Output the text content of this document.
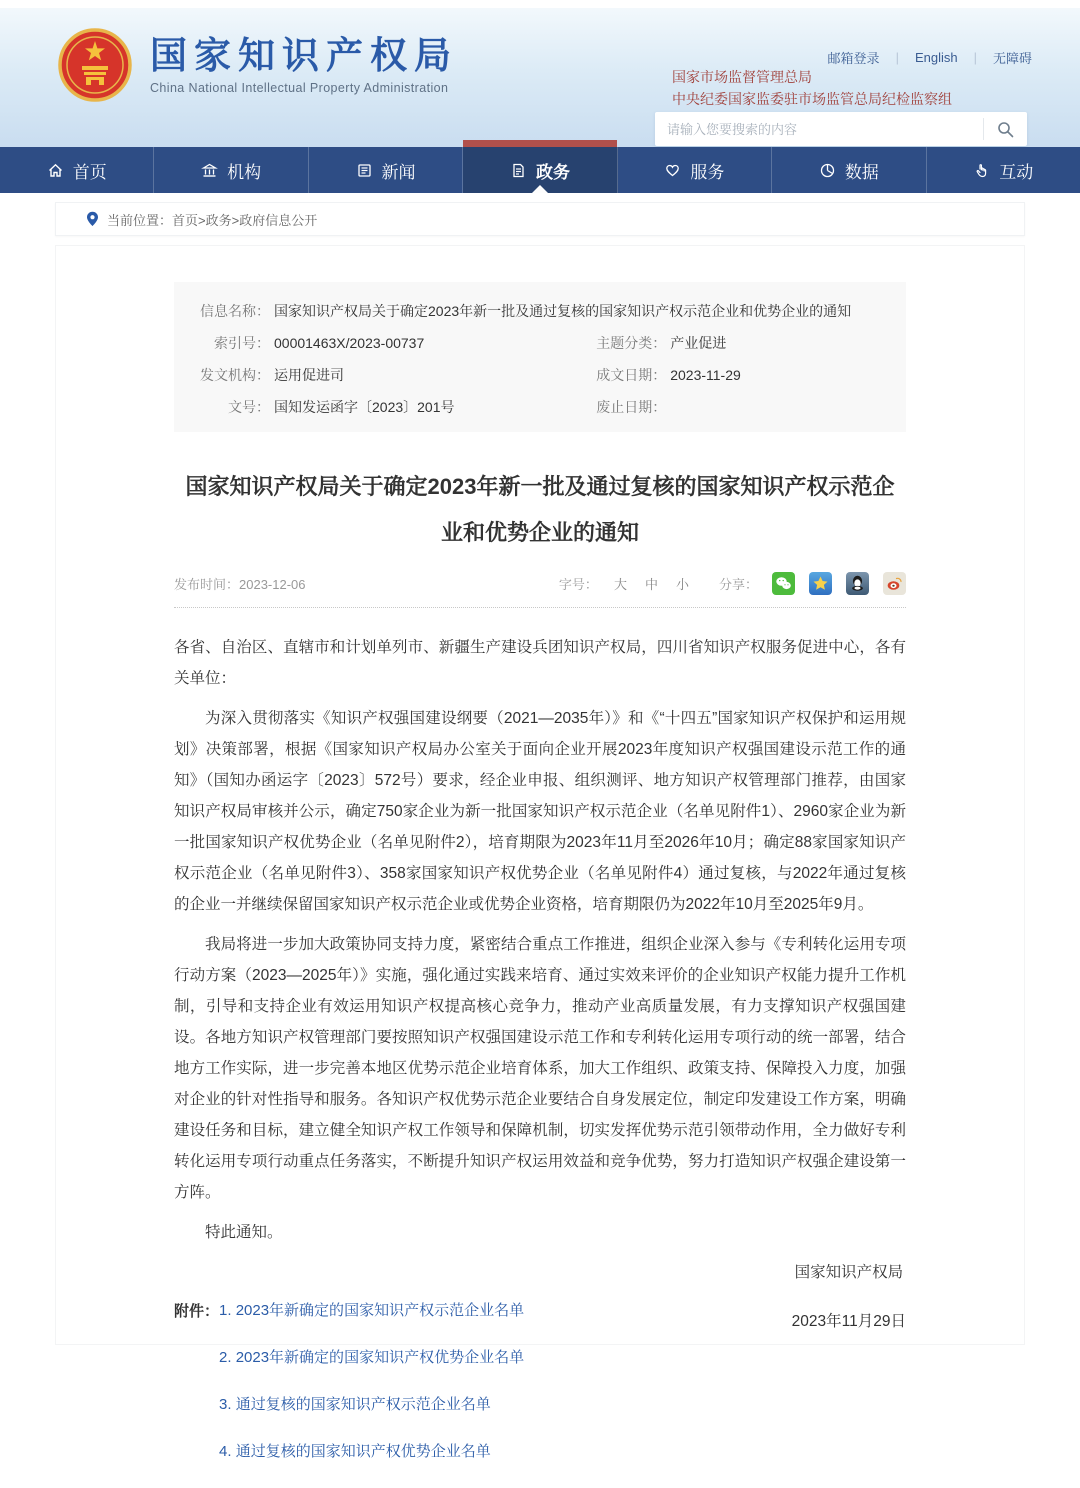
国家知识产权局
China National Intellectual Property Administration
邮箱登录 | English | 无障碍
国家市场监督管理总局
中央纪委国家监委驻市场监管总局纪检监察组
请输入您要搜索的内容
首页	机构	新闻	政务	服务	数据	互动
当前位置： 首页>政务>政府信息公开
信息名称： 国家知识产权局关于确定2023年新一批及通过复核的国家知识产权示范企业和优势企业的通知
索引号： 00001463X/2023-00737	主题分类： 产业促进
发文机构： 运用促进司	成文日期： 2023-11-29
文号： 国知发运函字〔2023〕201号	废止日期：
国家知识产权局关于确定2023年新一批及通过复核的国家知识产权示范企业和优势企业的通知
发布时间：2023-12-06	字号： 大 中 小 分享：

各省、自治区、直辖市和计划单列市、新疆生产建设兵团知识产权局，四川省知识产权服务促进中心，各有关单位：

为深入贯彻落实《知识产权强国建设纲要（2021—2035年）》和《“十四五”国家知识产权保护和运用规划》决策部署，根据《国家知识产权局办公室关于面向企业开展2023年度知识产权强国建设示范工作的通知》（国知办函运字〔2023〕572号）要求，经企业申报、组织测评、地方知识产权管理部门推荐，由国家知识产权局审核并公示，确定750家企业为新一批国家知识产权示范企业（名单见附件1）、2960家企业为新一批国家知识产权优势企业（名单见附件2），培育期限为2023年11月至2026年10月；确定88家国家知识产权示范企业（名单见附件3）、358家国家知识产权优势企业（名单见附件4）通过复核，与2022年通过复核的企业一并继续保留国家知识产权示范企业或优势企业资格，培育期限仍为2022年10月至2025年9月。

我局将进一步加大政策协同支持力度，紧密结合重点工作推进，组织企业深入参与《专利转化运用专项行动方案（2023—2025年）》实施，强化通过实践来培育、通过实效来评价的企业知识产权能力提升工作机制，引导和支持企业有效运用知识产权提高核心竞争力，推动产业高质量发展，有力支撑知识产权强国建设。各地方知识产权管理部门要按照知识产权强国建设示范工作和专利转化运用专项行动的统一部署，结合地方工作实际，进一步完善本地区优势示范企业培育体系，加大工作组织、政策支持、保障投入力度，加强对企业的针对性指导和服务。各知识产权优势示范企业要结合自身发展定位，制定印发建设工作方案，明确建设任务和目标，建立健全知识产权工作领导和保障机制，切实发挥优势示范引领带动作用，全力做好专利转化运用专项行动重点任务落实，不断提升知识产权运用效益和竞争优势，努力打造知识产权强企建设第一方阵。

特此通知。

附件： 1. 2023年新确定的国家知识产权示范企业名单
2. 2023年新确定的国家知识产权优势企业名单
3. 通过复核的国家知识产权示范企业名单
4. 通过复核的国家知识产权优势企业名单
国家知识产权局
2023年11月29日
